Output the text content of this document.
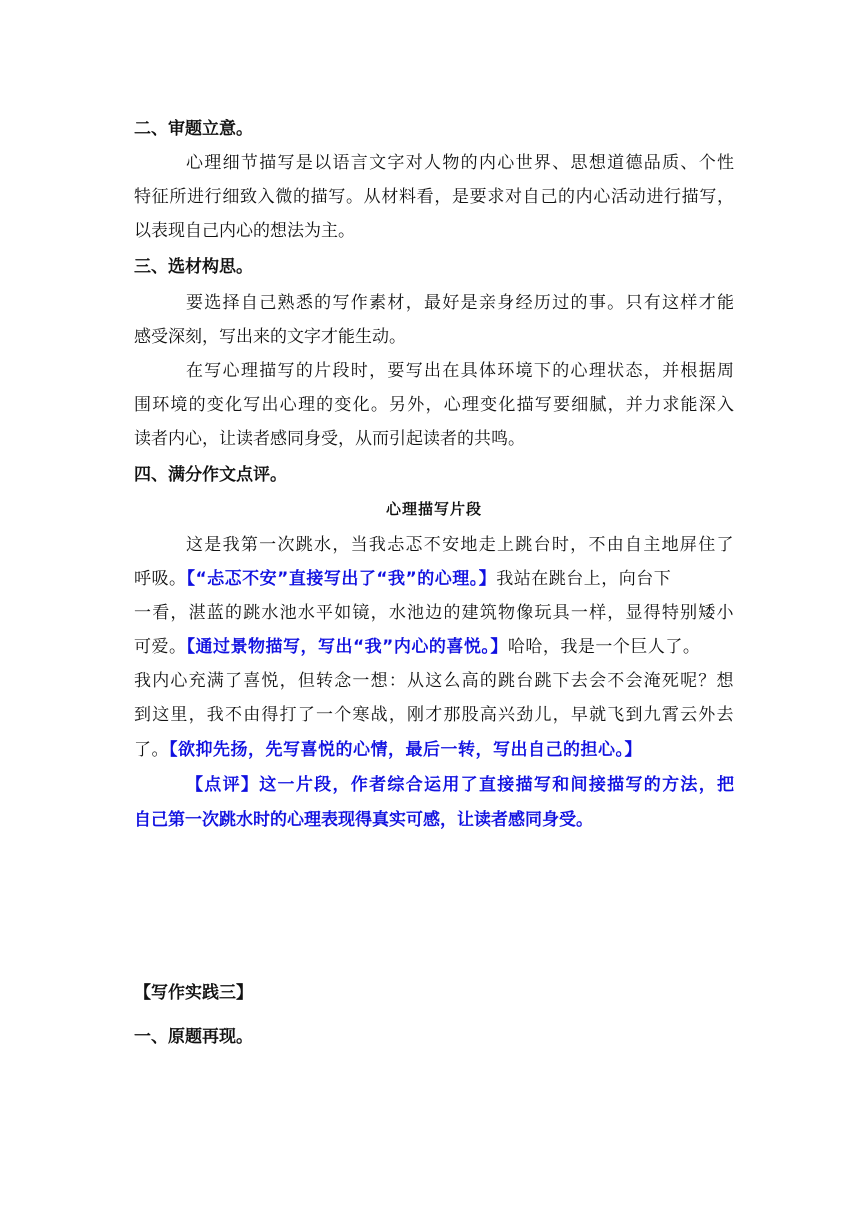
二、审题立意。
心理细节描写是以语言文字对人物的内心世界、思想道德品质、个性
特征所进行细致入微的描写。从材料看，是要求对自己的内心活动进行描写，
以表现自己内心的想法为主。
三、选材构思。
要选择自己熟悉的写作素材，最好是亲身经历过的事。只有这样才能
感受深刻，写出来的文字才能生动。
在写心理描写的片段时，要写出在具体环境下的心理状态，并根据周
围环境的变化写出心理的变化。另外，心理变化描写要细腻，并力求能深入
读者内心，让读者感同身受，从而引起读者的共鸣。
四、满分作文点评。
心理描写片段
这是我第一次跳水，当我忐忑不安地走上跳台时，不由自主地屏住了
呼吸。【“忐忑不安”直接写出了“我”的心理。】我站在跳台上，向台下
一看，湛蓝的跳水池水平如镜，水池边的建筑物像玩具一样，显得特别矮小
可爱。【通过景物描写，写出“我”内心的喜悦。】哈哈，我是一个巨人了。
我内心充满了喜悦，但转念一想：从这么高的跳台跳下去会不会淹死呢？想
到这里，我不由得打了一个寒战，刚才那股高兴劲儿，早就飞到九霄云外去
了。【欲抑先扬，先写喜悦的心情，最后一转，写出自己的担心。】
【点评】这一片段，作者综合运用了直接描写和间接描写的方法，把
自己第一次跳水时的心理表现得真实可感，让读者感同身受。
【写作实践三】
一、原题再现。
